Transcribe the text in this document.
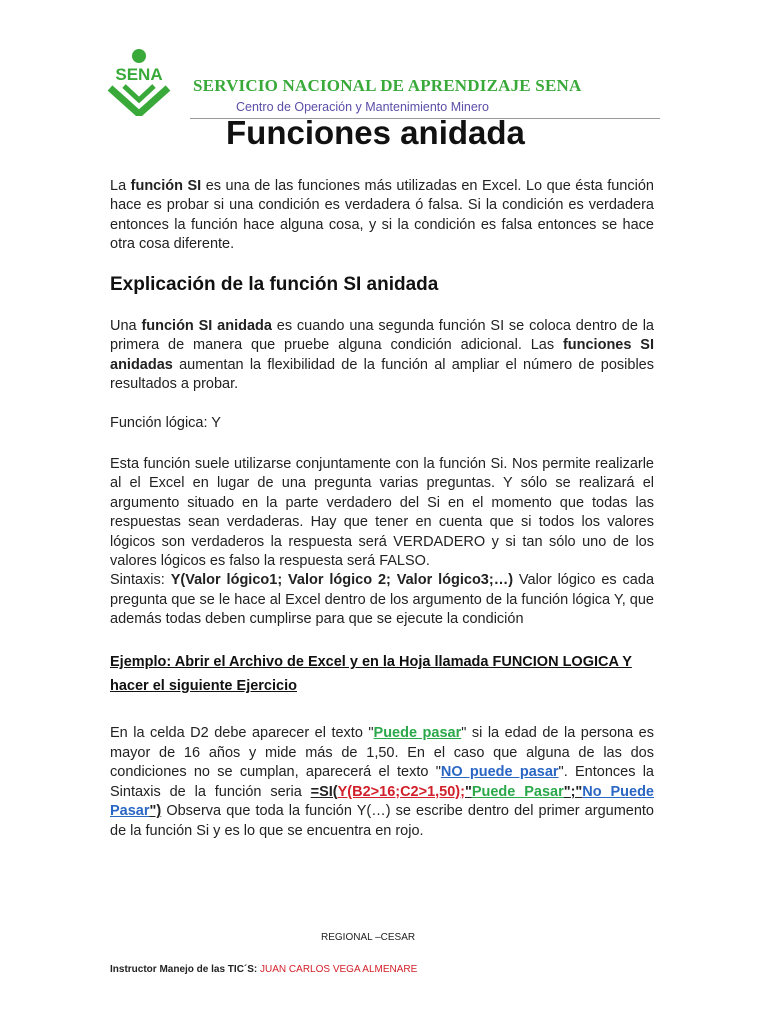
SENA
SERVICIO NACIONAL DE APRENDIZAJE SENA
Centro de Operación y Mantenimiento Minero
Funciones anidada
La función SI es una de las funciones más utilizadas en Excel. Lo que ésta función hace es probar si una condición es verdadera ó falsa. Si la condición es verdadera entonces la función hace alguna cosa, y si la condición es falsa entonces se hace otra cosa diferente.
Explicación de la función SI anidada
Una función SI anidada es cuando una segunda función SI se coloca dentro de la primera de manera que pruebe alguna condición adicional. Las funciones SI anidadas aumentan la flexibilidad de la función al ampliar el número de posibles resultados a probar.
Función lógica: Y
Esta función suele utilizarse conjuntamente con la función Si. Nos permite realizarle al el Excel en lugar de una pregunta varias preguntas. Y sólo se realizará el argumento situado en la parte verdadero del Si en el momento que todas las respuestas sean verdaderas. Hay que tener en cuenta que si todos los valores lógicos son verdaderos la respuesta será VERDADERO y si tan sólo uno de los valores lógicos es falso la respuesta será FALSO.
Sintaxis: Y(Valor lógico1; Valor lógico 2; Valor lógico3;…) Valor lógico es cada pregunta que se le hace al Excel dentro de los argumento de la función lógica Y, que además todas deben cumplirse para que se ejecute la condición
Ejemplo: Abrir el Archivo de Excel y en la Hoja llamada FUNCION LOGICA Y hacer el siguiente Ejercicio
En la celda D2 debe aparecer el texto "Puede pasar" si la edad de la persona es mayor de 16 años y mide más de 1,50. En el caso que alguna de las dos condiciones no se cumplan, aparecerá el texto "NO puede pasar". Entonces la Sintaxis de la función seria =SI(Y(B2>16;C2>1,50);"Puede Pasar";"No Puede Pasar") Observa que toda la función Y(…) se escribe dentro del primer argumento de la función Si y es lo que se encuentra en rojo.
REGIONAL –CESAR
Instructor Manejo de las TIC´S: JUAN CARLOS VEGA ALMENARE
